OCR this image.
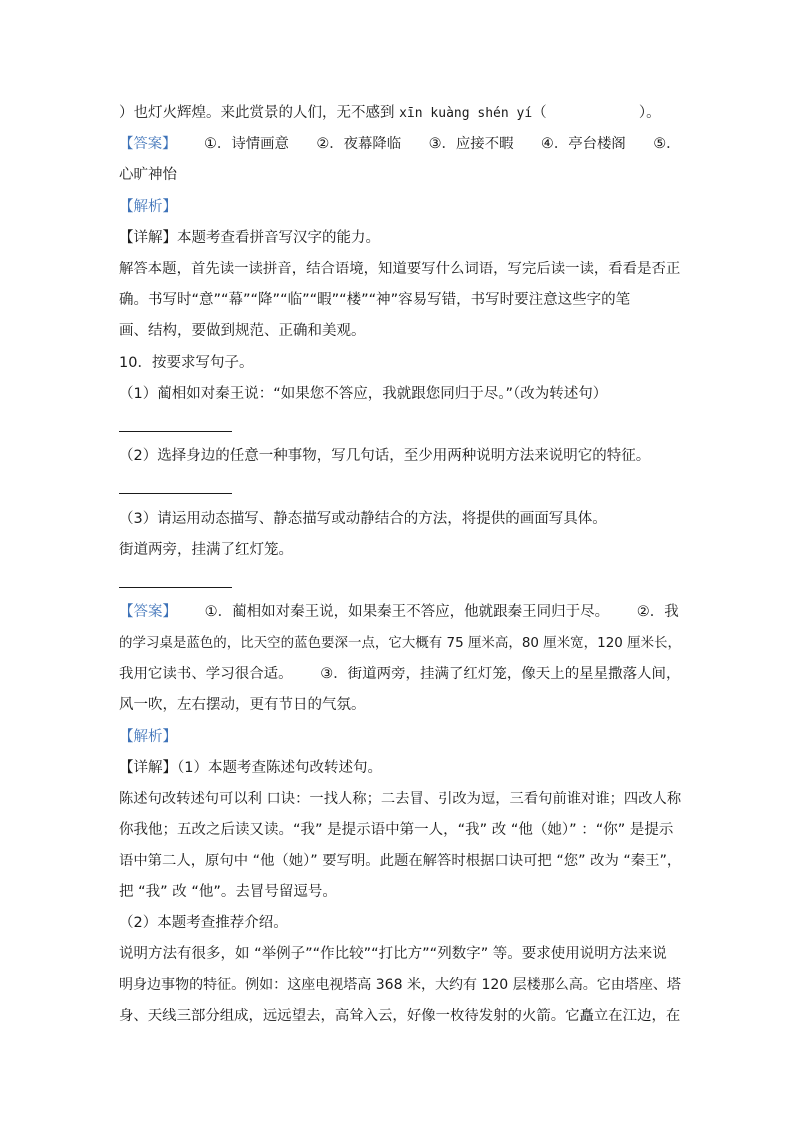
）也灯火辉煌。来此赏景的人们，无不感到 xīn kuàng shén yí（                    ）。
【答案】      ①．诗情画意      ②．夜幕降临      ③．应接不暇      ④．亭台楼阁      ⑤．
心旷神怡
【解析】
【详解】本题考查看拼音写汉字的能力。
解答本题，首先读一读拼音，结合语境，知道要写什么词语，写完后读一读，看看是否正
确。书写时“意”“幕”“降”“临”“暇”“楼”“神”容易写错，书写时要注意这些字的笔
画、结构，要做到规范、正确和美观。
10．按要求写句子。
（1）蔺相如对秦王说：“如果您不答应，我就跟您同归于尽。”（改为转述句）
（2）选择身边的任意一种事物，写几句话，至少用两种说明方法来说明它的特征。
（3）请运用动态描写、静态描写或动静结合的方法，将提供的画面写具体。
街道两旁，挂满了红灯笼。
【答案】      ①．蔺相如对秦王说，如果秦王不答应，他就跟秦王同归于尽。      ②．我
的学习桌是蓝色的，比天空的蓝色要深一点，它大概有 75 厘米高，80 厘米宽，120 厘米长，
我用它读书、学习很合适。      ③．街道两旁，挂满了红灯笼，像天上的星星撒落人间，
风一吹，左右摆动，更有节日的气氛。
【解析】
【详解】（1）本题考查陈述句改转述句。
陈述句改转述句可以利 口诀：一找人称；二去冒、引改为逗，三看句前谁对谁；四改人称
你我他；五改之后读又读。“我” 是提示语中第一人，“我” 改 “他（她）” ：“你” 是提示
语中第二人，原句中 “他（她）” 要写明。此题在解答时根据口诀可把 “您” 改为 “秦王”，
把 “我” 改 “他”。去冒号留逗号。
（2）本题考查推荐介绍。
说明方法有很多，如 “举例子”“作比较”“打比方”“列数字” 等。要求使用说明方法来说
明身边事物的特征。例如：这座电视塔高 368 米，大约有 120 层楼那么高。它由塔座、塔
身、天线三部分组成，远远望去，高耸入云，好像一枚待发射的火箭。它矗立在江边，在
